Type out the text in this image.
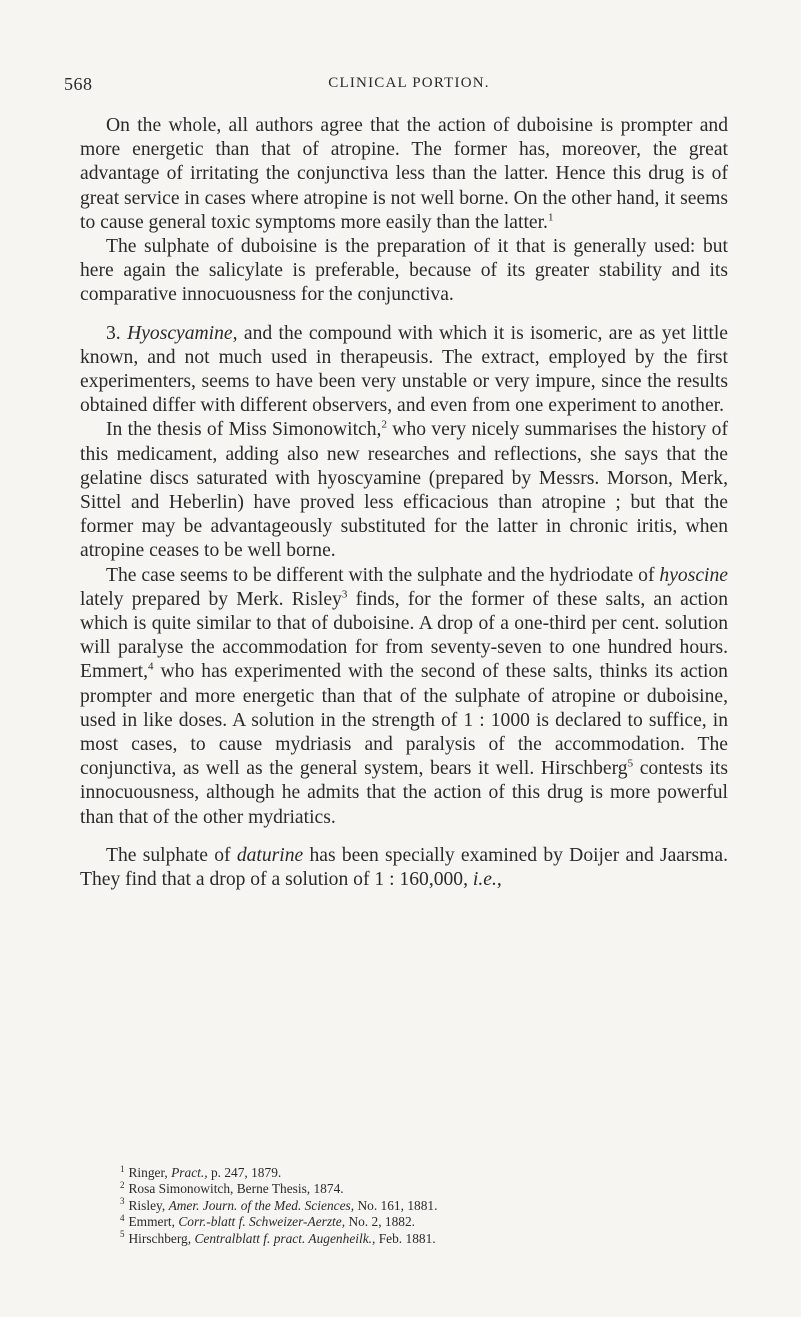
568	CLINICAL PORTION.

On the whole, all authors agree that the action of duboisine is prompter and more energetic than that of atropine. The former has, moreover, the great advantage of irritating the conjunctiva less than the latter. Hence this drug is of great service in cases where atropine is not well borne. On the other hand, it seems to cause general toxic symptoms more easily than the latter.$^1$

The sulphate of duboisine is the preparation of it that is generally used: but here again the salicylate is preferable, because of its greater stability and its comparative innocuousness for the conjunctiva.

3. Hyoscyamine, and the compound with which it is isomeric, are as yet little known, and not much used in therapeusis. The extract, employed by the first experimenters, seems to have been very unstable or very impure, since the results obtained differ with different observers, and even from one experiment to another.

In the thesis of Miss Simonowitch,$^2$ who very nicely summarises the history of this medicament, adding also new researches and reflections, she says that the gelatine discs saturated with hyoscyamine (prepared by Messrs. Morson, Merk, Sittel and Heberlin) have proved less efficacious than atropine ; but that the former may be advantageously substituted for the latter in chronic iritis, when atropine ceases to be well borne.

The case seems to be different with the sulphate and the hydriodate of hyoscine lately prepared by Merk. Risley$^3$ finds, for the former of these salts, an action which is quite similar to that of duboisine. A drop of a one-third per cent. solution will paralyse the accommodation for from seventy-seven to one hundred hours. Emmert,$^4$ who has experimented with the second of these salts, thinks its action prompter and more energetic than that of the sulphate of atropine or duboisine, used in like doses. A solution in the strength of 1 : 1000 is declared to suffice, in most cases, to cause mydriasis and paralysis of the accommodation. The conjunctiva, as well as the general system, bears it well. Hirschberg$^5$ contests its innocuousness, although he admits that the action of this drug is more powerful than that of the other mydriatics.

The sulphate of daturine has been specially examined by Doijer and Jaarsma. They find that a drop of a solution of 1 : 160,000, i.e.,

$^1$ Ringer, Pract., p. 247, 1879.

$^2$ Rosa Simonowitch, Berne Thesis, 1874.

$^3$ Risley, Amer. Journ. of the Med. Sciences, No. 161, 1881.

$^4$ Emmert, Corr.-blatt f. Schweizer-Aerzte, No. 2, 1882.

$^5$ Hirschberg, Centralblatt f. pract. Augenheilk., Feb. 1881.
